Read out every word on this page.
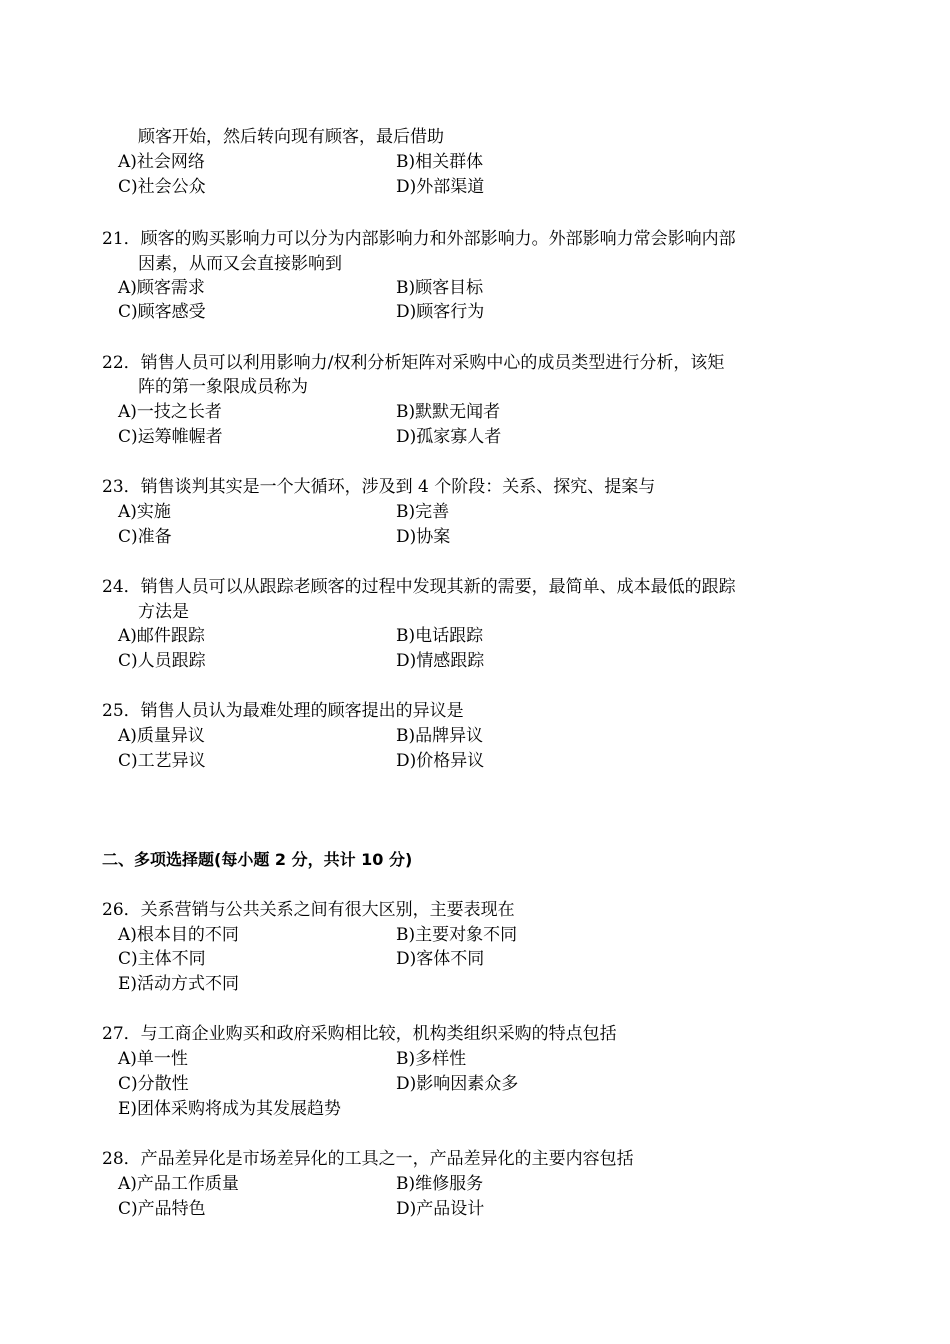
顾客开始，然后转向现有顾客，最后借助
A)社会网络	B)相关群体
C)社会公众	D)外部渠道
21．顾客的购买影响力可以分为内部影响力和外部影响力。外部影响力常会影响内部
因素，从而又会直接影响到
A)顾客需求	B)顾客目标
C)顾客感受	D)顾客行为
22．销售人员可以利用影响力/权利分析矩阵对采购中心的成员类型进行分析，该矩
阵的第一象限成员称为
A)一技之长者	B)默默无闻者
C)运筹帷幄者	D)孤家寡人者
23．销售谈判其实是一个大循环，涉及到 4 个阶段：关系、探究、提案与
A)实施	B)完善
C)准备	D)协案
24．销售人员可以从跟踪老顾客的过程中发现其新的需要，最简单、成本最低的跟踪
方法是
A)邮件跟踪	B)电话跟踪
C)人员跟踪	D)情感跟踪
25．销售人员认为最难处理的顾客提出的异议是
A)质量异议	B)品牌异议
C)工艺异议	D)价格异议
二、多项选择题(每小题 2 分，共计 10 分)
26．关系营销与公共关系之间有很大区别，主要表现在
A)根本目的不同	B)主要对象不同
C)主体不同	D)客体不同
E)活动方式不同
27．与工商企业购买和政府采购相比较，机构类组织采购的特点包括
A)单一性	B)多样性
C)分散性	D)影响因素众多
E)团体采购将成为其发展趋势
28．产品差异化是市场差异化的工具之一，产品差异化的主要内容包括
A)产品工作质量	B)维修服务
C)产品特色	D)产品设计
